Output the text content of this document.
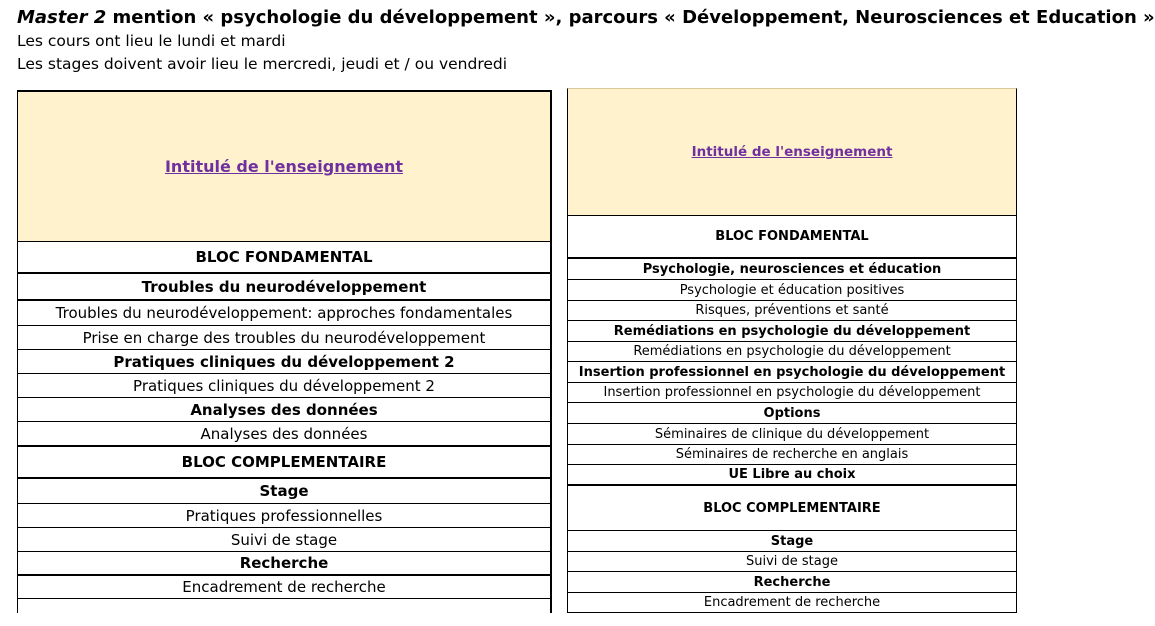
Master 2 mention « psychologie du développement », parcours « Développement, Neurosciences et Education »
Les cours ont lieu le lundi et mardi
Les stages doivent avoir lieu le mercredi, jeudi et / ou vendredi
Intitulé de l'enseignement
BLOC FONDAMENTAL
Troubles du neurodéveloppement
Troubles du neurodéveloppement: approches fondamentales
Prise en charge des troubles du neurodéveloppement
Pratiques cliniques du développement 2
Pratiques cliniques du développement 2
Analyses des données
Analyses des données
BLOC COMPLEMENTAIRE
Stage
Pratiques professionnelles
Suivi de stage
Recherche
Encadrement de recherche
Intitulé de l'enseignement
BLOC FONDAMENTAL
Psychologie, neurosciences et éducation
Psychologie et éducation positives
Risques, préventions et santé
Remédiations en psychologie du développement
Remédiations en psychologie du développement
Insertion professionnel en psychologie du développement
Insertion professionnel en psychologie du développement
Options
Séminaires de clinique du développement
Séminaires de recherche en anglais
UE Libre au choix
BLOC COMPLEMENTAIRE
Stage
Suivi de stage
Recherche
Encadrement de recherche
